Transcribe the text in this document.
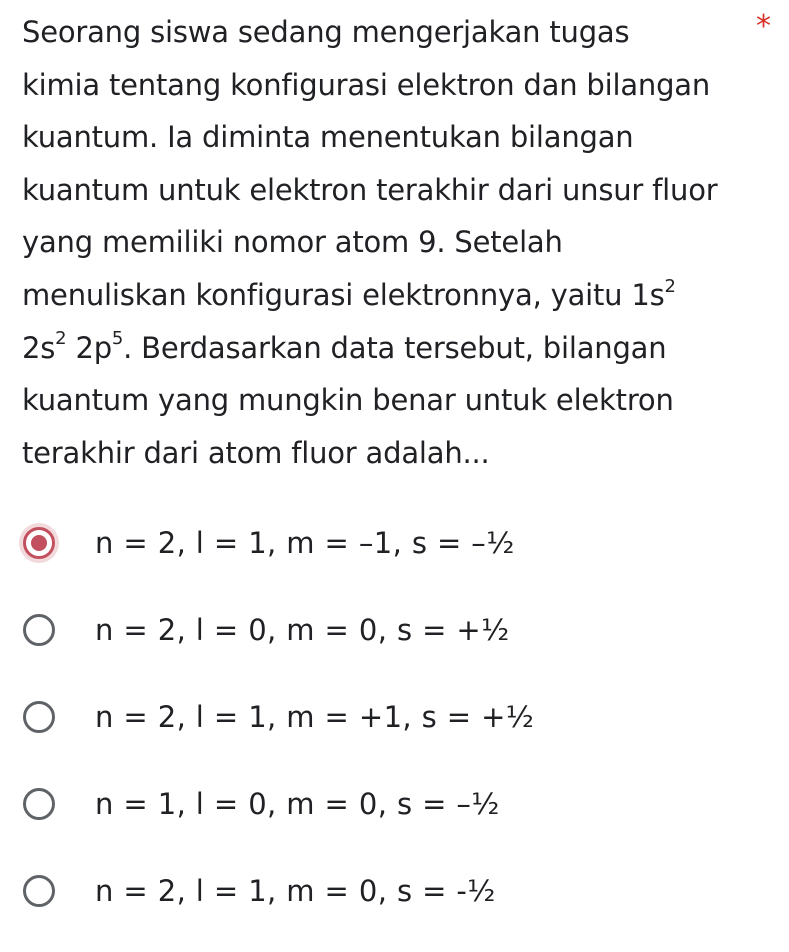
Seorang siswa sedang mengerjakan tugas

kimia tentang konfigurasi elektron dan bilangan

kuantum. Ia diminta menentukan bilangan

kuantum untuk elektron terakhir dari unsur fluor

yang memiliki nomor atom 9. Setelah

menuliskan konfigurasi elektronnya, yaitu $1s^2$

$2s^2$ $2p^5$. Berdasarkan data tersebut, bilangan

kuantum yang mungkin benar untuk elektron

terakhir dari atom fluor adalah...

*
n = 2, l = 1, m = –1, s = –½
n = 2, l = 0, m = 0, s = +½
n = 2, l = 1, m = +1, s = +½
n = 1, l = 0, m = 0, s = –½
n = 2, l = 1, m = 0, s = -½
